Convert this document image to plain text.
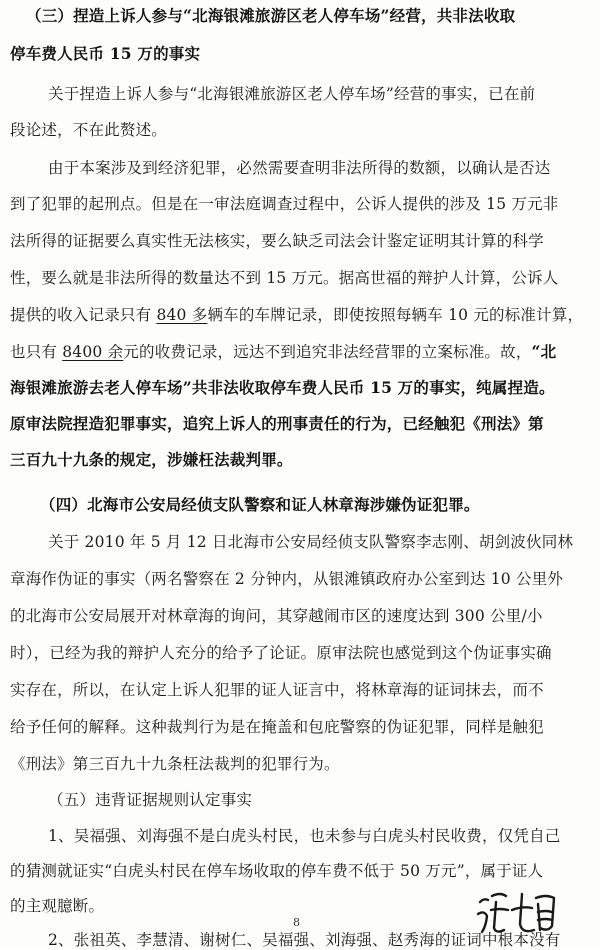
（三）捏造上诉人参与“北海银滩旅游区老人停车场”经营，共非法收取
停车费人民币 15 万的事实
关于捏造上诉人参与“北海银滩旅游区老人停车场”经营的事实，已在前
段论述，不在此赘述。
由于本案涉及到经济犯罪，必然需要查明非法所得的数额，以确认是否达
到了犯罪的起刑点。但是在一审法庭调查过程中，公诉人提供的涉及 15 万元非
法所得的证据要么真实性无法核实，要么缺乏司法会计鉴定证明其计算的科学
性，要么就是非法所得的数量达不到 15 万元。据高世福的辩护人计算，公诉人
提供的收入记录只有 840 多辆车的车牌记录，即使按照每辆车 10 元的标准计算，
也只有 8400 余元的收费记录，远达不到追究非法经营罪的立案标准。故，“北
海银滩旅游去老人停车场”共非法收取停车费人民币 15 万的事实，纯属捏造。
原审法院捏造犯罪事实，追究上诉人的刑事责任的行为，已经触犯《刑法》第
三百九十九条的规定，涉嫌枉法裁判罪。
（四）北海市公安局经侦支队警察和证人林章海涉嫌伪证犯罪。
关于 2010 年 5 月 12 日北海市公安局经侦支队警察李志刚、胡剑波伙同林
章海作伪证的事实（两名警察在 2 分钟内，从银滩镇政府办公室到达 10 公里外
的北海市公安局展开对林章海的询问，其穿越闹市区的速度达到 300 公里/小
时），已经为我的辩护人充分的给予了论证。原审法院也感觉到这个伪证事实确
实存在，所以，在认定上诉人犯罪的证人证言中，将林章海的证词抹去，而不
给予任何的解释。这种裁判行为是在掩盖和包庇警察的伪证犯罪，同样是触犯
《刑法》第三百九十九条枉法裁判的犯罪行为。
（五）违背证据规则认定事实
1、吴福强、刘海强不是白虎头村民，也未参与白虎头村民收费，仅凭自己
的猜测就证实“白虎头村民在停车场收取的停车费不低于 50 万元”，属于证人
的主观臆断。
2、张祖英、李慧清、谢树仁、吴福强、刘海强、赵秀海的证词中根本没有
8
